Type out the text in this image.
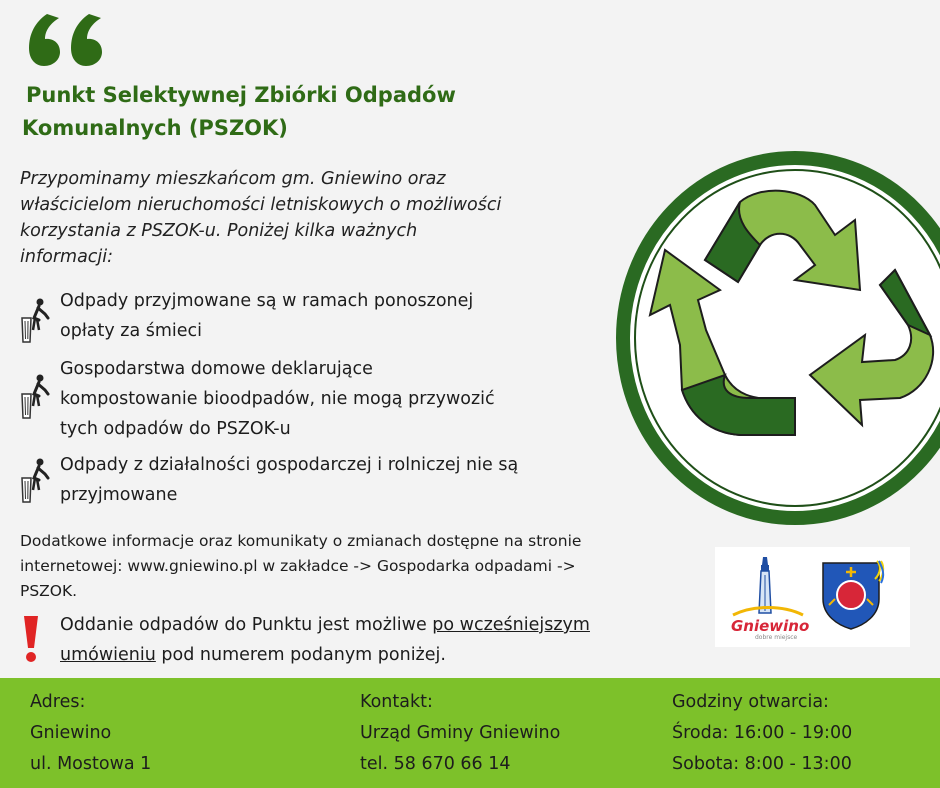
Punkt Selektywnej Zbiórki Odpadów
Komunalnych (PSZOK)

Przypominamy mieszkańcom gm. Gniewino oraz
właścicielom nieruchomości letniskowych o możliwości
korzystania z PSZOK-u. Poniżej kilka ważnych
informacji:

Odpady przyjmowane są w ramach ponoszonej
opłaty za śmieci
Gospodarstwa domowe deklarujące
kompostowanie bioodpadów, nie mogą przywozić
tych odpadów do PSZOK-u
Odpady z działalności gospodarczej i rolniczej nie są
przyjmowane

Dodatkowe informacje oraz komunikaty o zmianach dostępne na stronie
internetowej: www.gniewino.pl w zakładce -> Gospodarka odpadami ->
PSZOK.

Oddanie odpadów do Punktu jest możliwe po wcześniejszym
umówieniu pod numerem podanym poniżej.

Gniewino
dobre miejsce
Adres:
Gniewino
ul. Mostowa 1
Kontakt:
Urząd Gminy Gniewino
tel. 58 670 66 14
Godziny otwarcia:
Środa: 16:00 - 19:00
Sobota: 8:00 - 13:00
